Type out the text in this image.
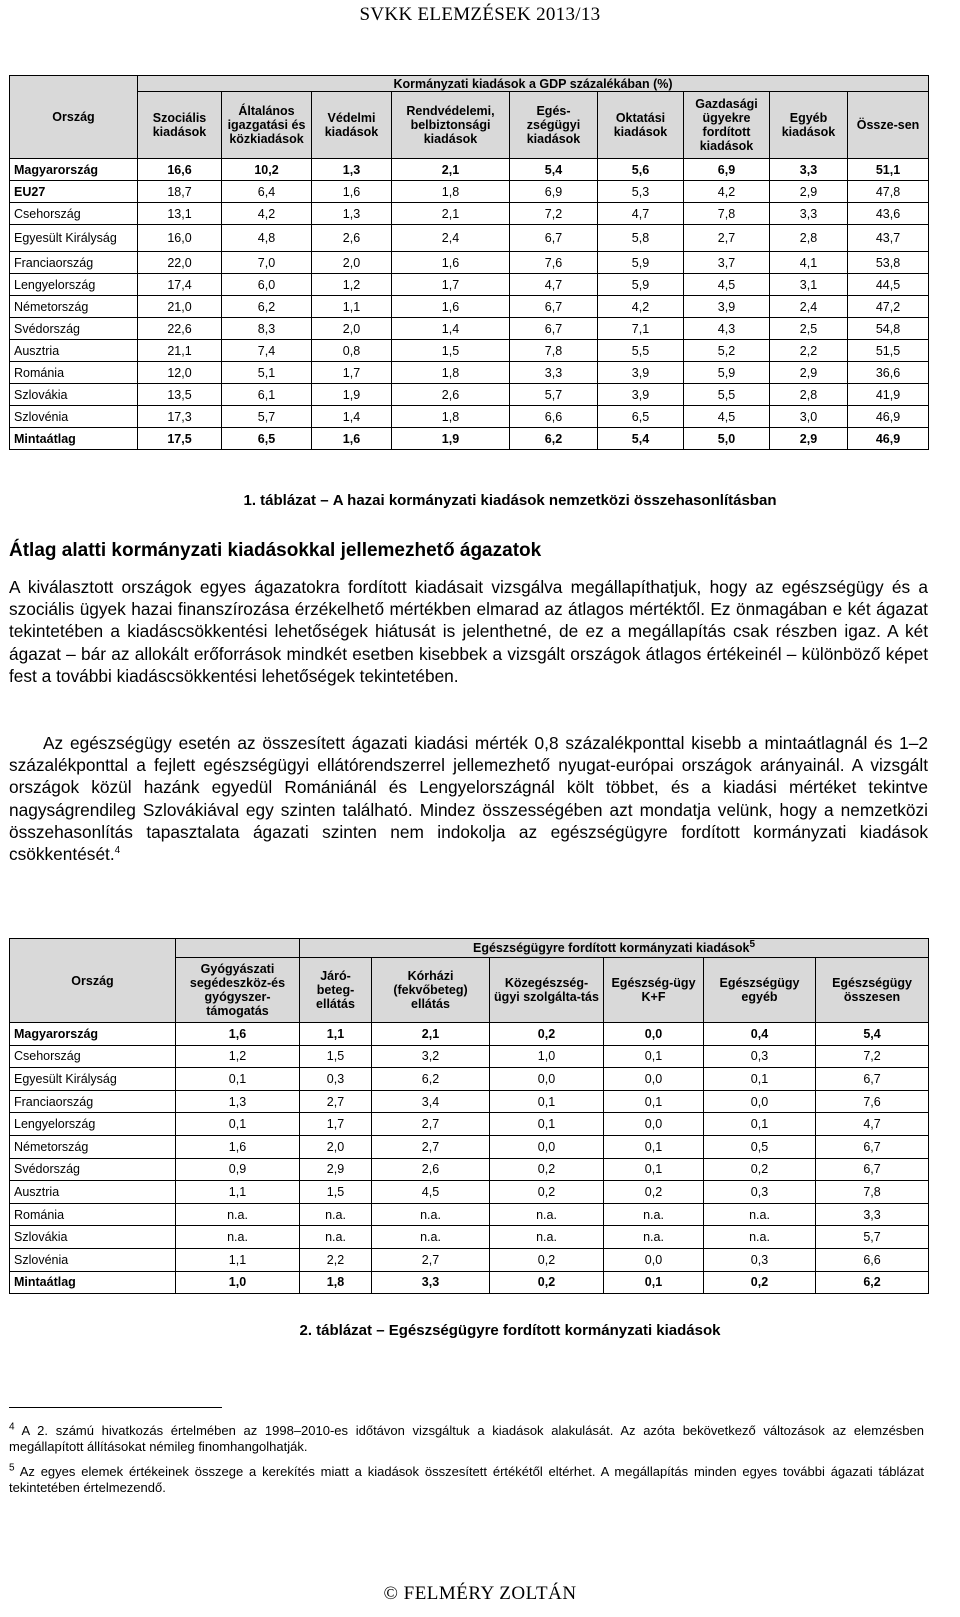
SVKK ELEMZÉSEK 2013/13
Ország	Kormányzati kiadások a GDP százalékában (%)								
	Szociális kiadások	Általános igazgatási és közkiadások	Védelmi kiadások	Rendvédelemi, belbiztonsági kiadások	Egés-zségügyi kiadások	Oktatási kiadások	Gazdasági ügyekre fordított kiadások	Egyéb kiadások	Össze-sen
Magyarország	16,6	10,2	1,3	2,1	5,4	5,6	6,9	3,3	51,1
EU27	18,7	6,4	1,6	1,8	6,9	5,3	4,2	2,9	47,8
Csehország	13,1	4,2	1,3	2,1	7,2	4,7	7,8	3,3	43,6
Egyesült Királyság	16,0	4,8	2,6	2,4	6,7	5,8	2,7	2,8	43,7
Franciaország	22,0	7,0	2,0	1,6	7,6	5,9	3,7	4,1	53,8
Lengyelország	17,4	6,0	1,2	1,7	4,7	5,9	4,5	3,1	44,5
Németország	21,0	6,2	1,1	1,6	6,7	4,2	3,9	2,4	47,2
Svédország	22,6	8,3	2,0	1,4	6,7	7,1	4,3	2,5	54,8
Ausztria	21,1	7,4	0,8	1,5	7,8	5,5	5,2	2,2	51,5
Románia	12,0	5,1	1,7	1,8	3,3	3,9	5,9	2,9	36,6
Szlovákia	13,5	6,1	1,9	2,6	5,7	3,9	5,5	2,8	41,9
Szlovénia	17,3	5,7	1,4	1,8	6,6	6,5	4,5	3,0	46,9
Mintaátlag	17,5	6,5	1,6	1,9	6,2	5,4	5,0	2,9	46,9
1. táblázat – A hazai kormányzati kiadások nemzetközi összehasonlításban
Átlag alatti kormányzati kiadásokkal jellemezhető ágazatok
A kiválasztott országok egyes ágazatokra fordított kiadásait vizsgálva megállapíthatjuk, hogy az egészségügy és a szociális ügyek hazai finanszírozása érzékelhető mértékben elmarad az átlagos mértéktől. Ez önmagában e két ágazat tekintetében a kiadáscsökkentési lehetőségek hiátusát is jelenthetné, de ez a megállapítás csak részben igaz. A két ágazat – bár az allokált erőforrások mindkét esetben kisebbek a vizsgált országok átlagos értékeinél – különböző képet fest a további kiadáscsökkentési lehetőségek tekintetében.
Az egészségügy esetén az összesített ágazati kiadási mérték 0,8 százalékponttal kisebb a mintaátlagnál és 1–2 százalékponttal a fejlett egészségügyi ellátórendszerrel jellemezhető nyugat-európai országok arányainál. A vizsgált országok közül hazánk egyedül Romániánál és Lengyelországnál költ többet, és a kiadási mértéket tekintve nagyságrendileg Szlovákiával egy szinten található. Mindez összességében azt mondatja velünk, hogy a nemzetközi összehasonlítás tapasztalata ágazati szinten nem indokolja az egészségügyre fordított kormányzati kiadások csökkentését.$^4$
Ország		Egészségügyre fordított kormányzati kiadások$^5$
	Gyógyászati segédeszköz-és gyógyszer-támogatás	Járó-beteg-ellátás	Kórházi (fekvőbeteg) ellátás	Közegészség-ügyi szolgálta-tás	Egészség-ügy K+F	Egészségügy egyéb	Egészségügy összesen
Magyarország	1,6	1,1	2,1	0,2	0,0	0,4	5,4
Csehország	1,2	1,5	3,2	1,0	0,1	0,3	7,2
Egyesült Királyság	0,1	0,3	6,2	0,0	0,0	0,1	6,7
Franciaország	1,3	2,7	3,4	0,1	0,1	0,0	7,6
Lengyelország	0,1	1,7	2,7	0,1	0,0	0,1	4,7
Németország	1,6	2,0	2,7	0,0	0,1	0,5	6,7
Svédország	0,9	2,9	2,6	0,2	0,1	0,2	6,7
Ausztria	1,1	1,5	4,5	0,2	0,2	0,3	7,8
Románia	n.a.	n.a.	n.a.	n.a.	n.a.	n.a.	3,3
Szlovákia	n.a.	n.a.	n.a.	n.a.	n.a.	n.a.	5,7
Szlovénia	1,1	2,2	2,7	0,2	0,0	0,3	6,6
Mintaátlag	1,0	1,8	3,3	0,2	0,1	0,2	6,2
2. táblázat – Egészségügyre fordított kormányzati kiadások
$^4$ A 2. számú hivatkozás értelmében az 1998–2010-es időtávon vizsgáltuk a kiadások alakulását. Az azóta bekövetkező változások az elemzésben megállapított állításokat némileg finomhangolhatják.
$^5$ Az egyes elemek értékeinek összege a kerekítés miatt a kiadások összesített értékétől eltérhet. A megállapítás minden egyes további ágazati táblázat tekintetében értelmezendő.
© FELMÉRY ZOLTÁN
